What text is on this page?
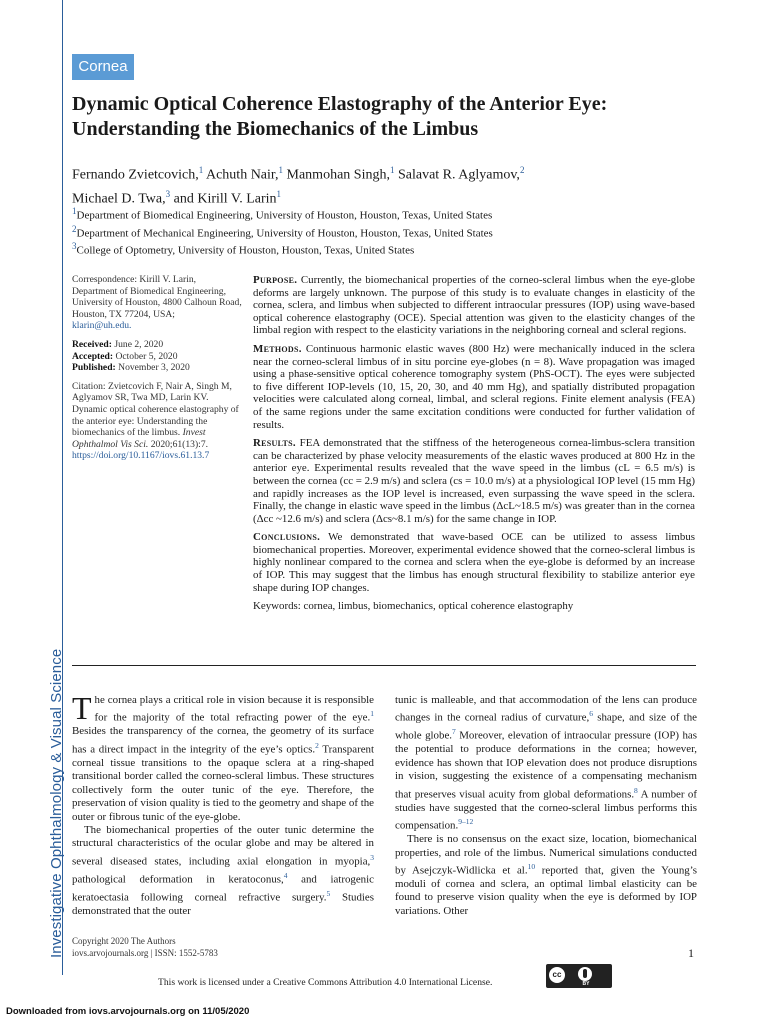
Investigative Ophthalmology & Visual Science
Cornea
Dynamic Optical Coherence Elastography of the Anterior Eye: Understanding the Biomechanics of the Limbus
Fernando Zvietcovich,$^1$ Achuth Nair,$^1$ Manmohan Singh,$^1$ Salavat R. Aglyamov,$^2$
Michael D. Twa,$^3$ and Kirill V. Larin$^1$
$^1$Department of Biomedical Engineering, University of Houston, Houston, Texas, United States
$^2$Department of Mechanical Engineering, University of Houston, Houston, Texas, United States
$^3$College of Optometry, University of Houston, Houston, Texas, United States

Correspondence: Kirill V. Larin, Department of Biomedical Engineering, University of Houston, 4800 Calhoun Road, Houston, TX 77204, USA;
klarin@uh.edu.

Received: June 2, 2020
Accepted: October 5, 2020
Published: November 3, 2020

Citation: Zvietcovich F, Nair A, Singh M, Aglyamov SR, Twa MD, Larin KV. Dynamic optical coherence elastography of the anterior eye: Understanding the biomechanics of the limbus. Invest Ophthalmol Vis Sci. 2020;61(13):7.
https://doi.org/10.1167/iovs.61.13.7

Purpose. Currently, the biomechanical properties of the corneo-scleral limbus when the eye-globe deforms are largely unknown. The purpose of this study is to evaluate changes in elasticity of the cornea, sclera, and limbus when subjected to different intraocular pressures (IOP) using wave-based optical coherence elastography (OCE). Special attention was given to the elasticity changes of the limbal region with respect to the elasticity variations in the neighboring corneal and scleral regions.

Methods. Continuous harmonic elastic waves (800 Hz) were mechanically induced in the sclera near the corneo-scleral limbus of in situ porcine eye-globes (n = 8). Wave propagation was imaged using a phase-sensitive optical coherence tomography system (PhS-OCT). The eyes were subjected to five different IOP-levels (10, 15, 20, 30, and 40 mm Hg), and spatially distributed propagation velocities were calculated along corneal, limbal, and scleral regions. Finite element analysis (FEA) of the same regions under the same excitation conditions were conducted for further validation of results.

Results. FEA demonstrated that the stiffness of the heterogeneous cornea-limbus-sclera transition can be characterized by phase velocity measurements of the elastic waves produced at 800 Hz in the anterior eye. Experimental results revealed that the wave speed in the limbus (cL = 6.5 m/s) is between the cornea (cc = 2.9 m/s) and sclera (cs = 10.0 m/s) at a physiological IOP level (15 mm Hg) and rapidly increases as the IOP level is increased, even surpassing the wave speed in the sclera. Finally, the change in elastic wave speed in the limbus (ΔcL~18.5 m/s) was greater than in the cornea (Δcc ~12.6 m/s) and sclera (Δcs~8.1 m/s) for the same change in IOP.

Conclusions. We demonstrated that wave-based OCE can be utilized to assess limbus biomechanical properties. Moreover, experimental evidence showed that the corneo-scleral limbus is highly nonlinear compared to the cornea and sclera when the eye-globe is deformed by an increase of IOP. This may suggest that the limbus has enough structural flexibility to stabilize anterior eye shape during IOP changes.

Keywords: cornea, limbus, biomechanics, optical coherence elastography

The cornea plays a critical role in vision because it is responsible for the majority of the total refracting power of the eye.$^1$ Besides the transparency of the cornea, the geometry of its surface has a direct impact in the integrity of the eye’s optics.$^2$ Transparent corneal tissue transitions to the opaque sclera at a ring-shaped transitional border called the corneo-scleral limbus. These structures collectively form the outer tunic of the eye. Therefore, the preservation of vision quality is tied to the geometry and shape of the outer or fibrous tunic of the eye-globe.

The biomechanical properties of the outer tunic determine the structural characteristics of the ocular globe and may be altered in several diseased states, including axial elongation in myopia,$^3$ pathological deformation in keratoconus,$^4$ and iatrogenic keratoectasia following corneal refractive surgery.$^5$ Studies demonstrated that the outer

tunic is malleable, and that accommodation of the lens can produce changes in the corneal radius of curvature,$^6$ shape, and size of the whole globe.$^7$ Moreover, elevation of intraocular pressure (IOP) has the potential to produce deformations in the cornea; however, evidence has shown that IOP elevation does not produce disruptions in vision, suggesting the existence of a compensating mechanism that preserves visual acuity from global deformations.$^8$ A number of studies have suggested that the corneo-scleral limbus performs this compensation.$^{9-12}$

There is no consensus on the exact size, location, biomechanical properties, and role of the limbus. Numerical simulations conducted by Asejczyk-Widlicka et al.$^{10}$ reported that, given the Young’s moduli of cornea and sclera, an optimal limbal elasticity can be found to preserve vision quality when the eye is deformed by IOP variations. Other

Copyright 2020 The Authors
iovs.arvojournals.org | ISSN: 1552-5783	1
This work is licensed under a Creative Commons Attribution 4.0 International License.
cc
BY
Downloaded from iovs.arvojournals.org on 11/05/2020
